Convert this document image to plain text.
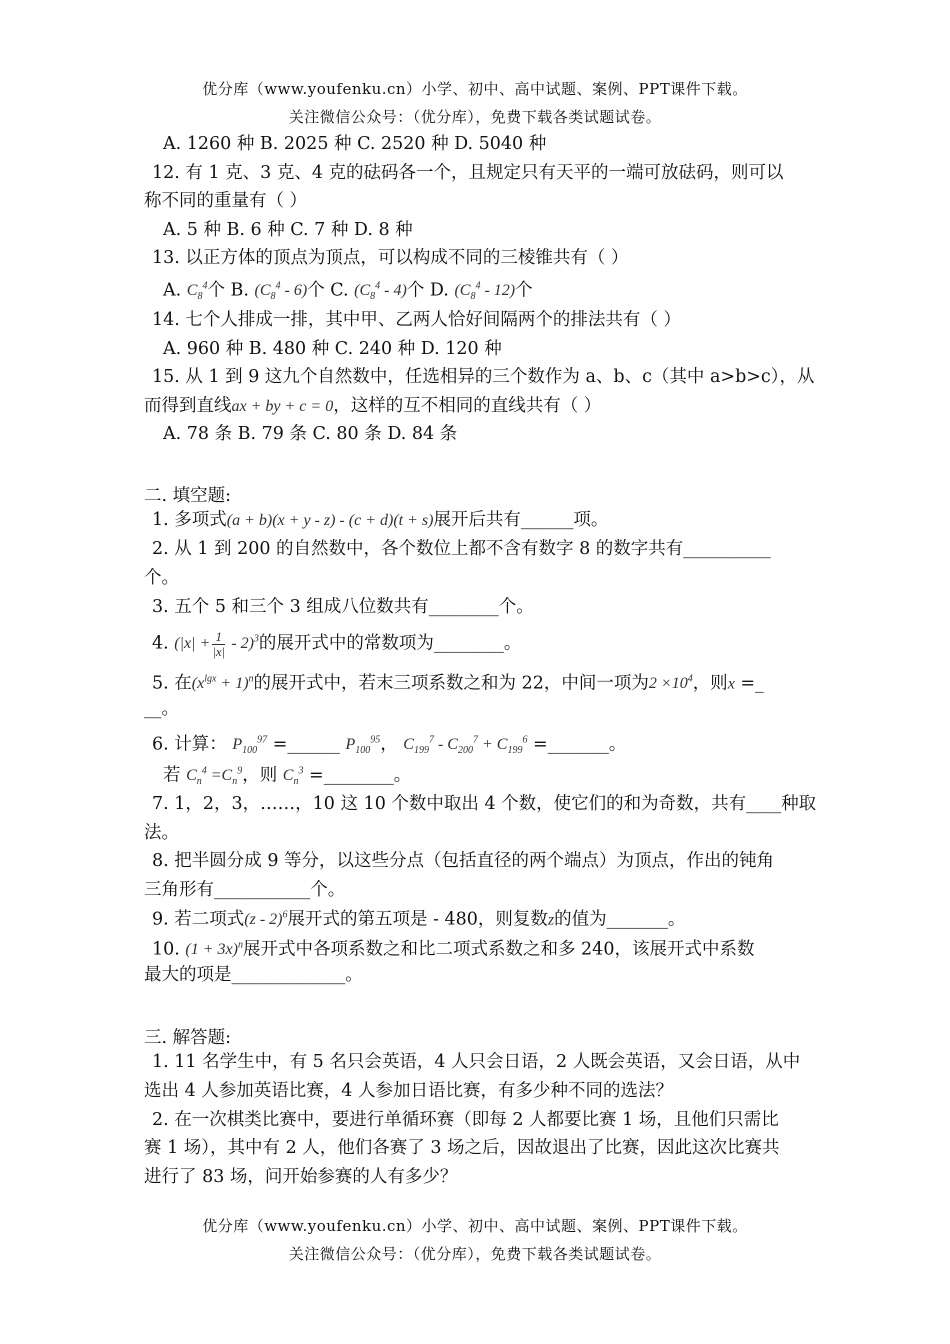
优分库（www.youfenku.cn）小学、初中、高中试题、案例、PPT课件下载。
关注微信公众号：（优分库），免费下载各类试题试卷。
A. 1260 种 B. 2025 种 C. 2520 种 D. 5040 种
12. 有 1 克、3 克、4 克的砝码各一个，且规定只有天平的一端可放砝码，则可以
称不同的重量有（ ）
A. 5 种 B. 6 种 C. 7 种 D. 8 种
13. 以正方体的顶点为顶点，可以构成不同的三棱锥共有（ ）
A. $C_8^4$个 B. $(C_8^4 - 6)$个 C. $(C_8^4 - 4)$个 D. $(C_8^4 - 12)$个
14. 七个人排成一排，其中甲、乙两人恰好间隔两个的排法共有（ ）
A. 960 种 B. 480 种 C. 240 种 D. 120 种
15. 从 1 到 9 这九个自然数中，任选相异的三个数作为 a、b、c（其中 a>b>c），从
而得到直线ax + by + c = 0，这样的互不相同的直线共有（ ）
A. 78 条 B. 79 条 C. 80 条 D. 84 条
二. 填空题:
1. 多项式(a + b)(x + y - z) - (c + d)(t + s)展开后共有______项。
2. 从 1 到 200 的自然数中，各个数位上都不含有数字 8 的数字共有__________
个。
3. 五个 5 和三个 3 组成八位数共有________个。
4. $(|x| + \frac{1}{|x|} - 2)^3$的展开式中的常数项为________。
5. 在$(x^{lgx} + 1)^n$的展开式中，若末三项系数之和为 22，中间一项为$2 \times 10^4$，则x =_
__。
6. 计算： $P_{100}^{97}$ =______ $P_{100}^{95}$， $C_{199}^7 - C_{200}^7 + C_{199}^6$ =_______。
若 $C_n^4 =C_n^9$，则 $C_n^3$ =________。
7. 1，2，3，……，10 这 10 个数中取出 4 个数，使它们的和为奇数，共有____种取
法。
8. 把半圆分成 9 等分，以这些分点（包括直径的两个端点）为顶点，作出的钝角
三角形有___________个。
9. 若二项式(z - 2)$^6$展开式的第五项是 - 480，则复数z的值为_______。
10. $(1 + 3x)^n$展开式中各项系数之和比二项式系数之和多 240，该展开式中系数
最大的项是_____________。
三. 解答题:
1. 11 名学生中，有 5 名只会英语，4 人只会日语，2 人既会英语，又会日语，从中
选出 4 人参加英语比赛，4 人参加日语比赛，有多少种不同的选法？
2. 在一次棋类比赛中，要进行单循环赛（即每 2 人都要比赛 1 场，且他们只需比
赛 1 场），其中有 2 人，他们各赛了 3 场之后，因故退出了比赛，因此这次比赛共
进行了 83 场，问开始参赛的人有多少？
优分库（www.youfenku.cn）小学、初中、高中试题、案例、PPT课件下载。
关注微信公众号：（优分库），免费下载各类试题试卷。
